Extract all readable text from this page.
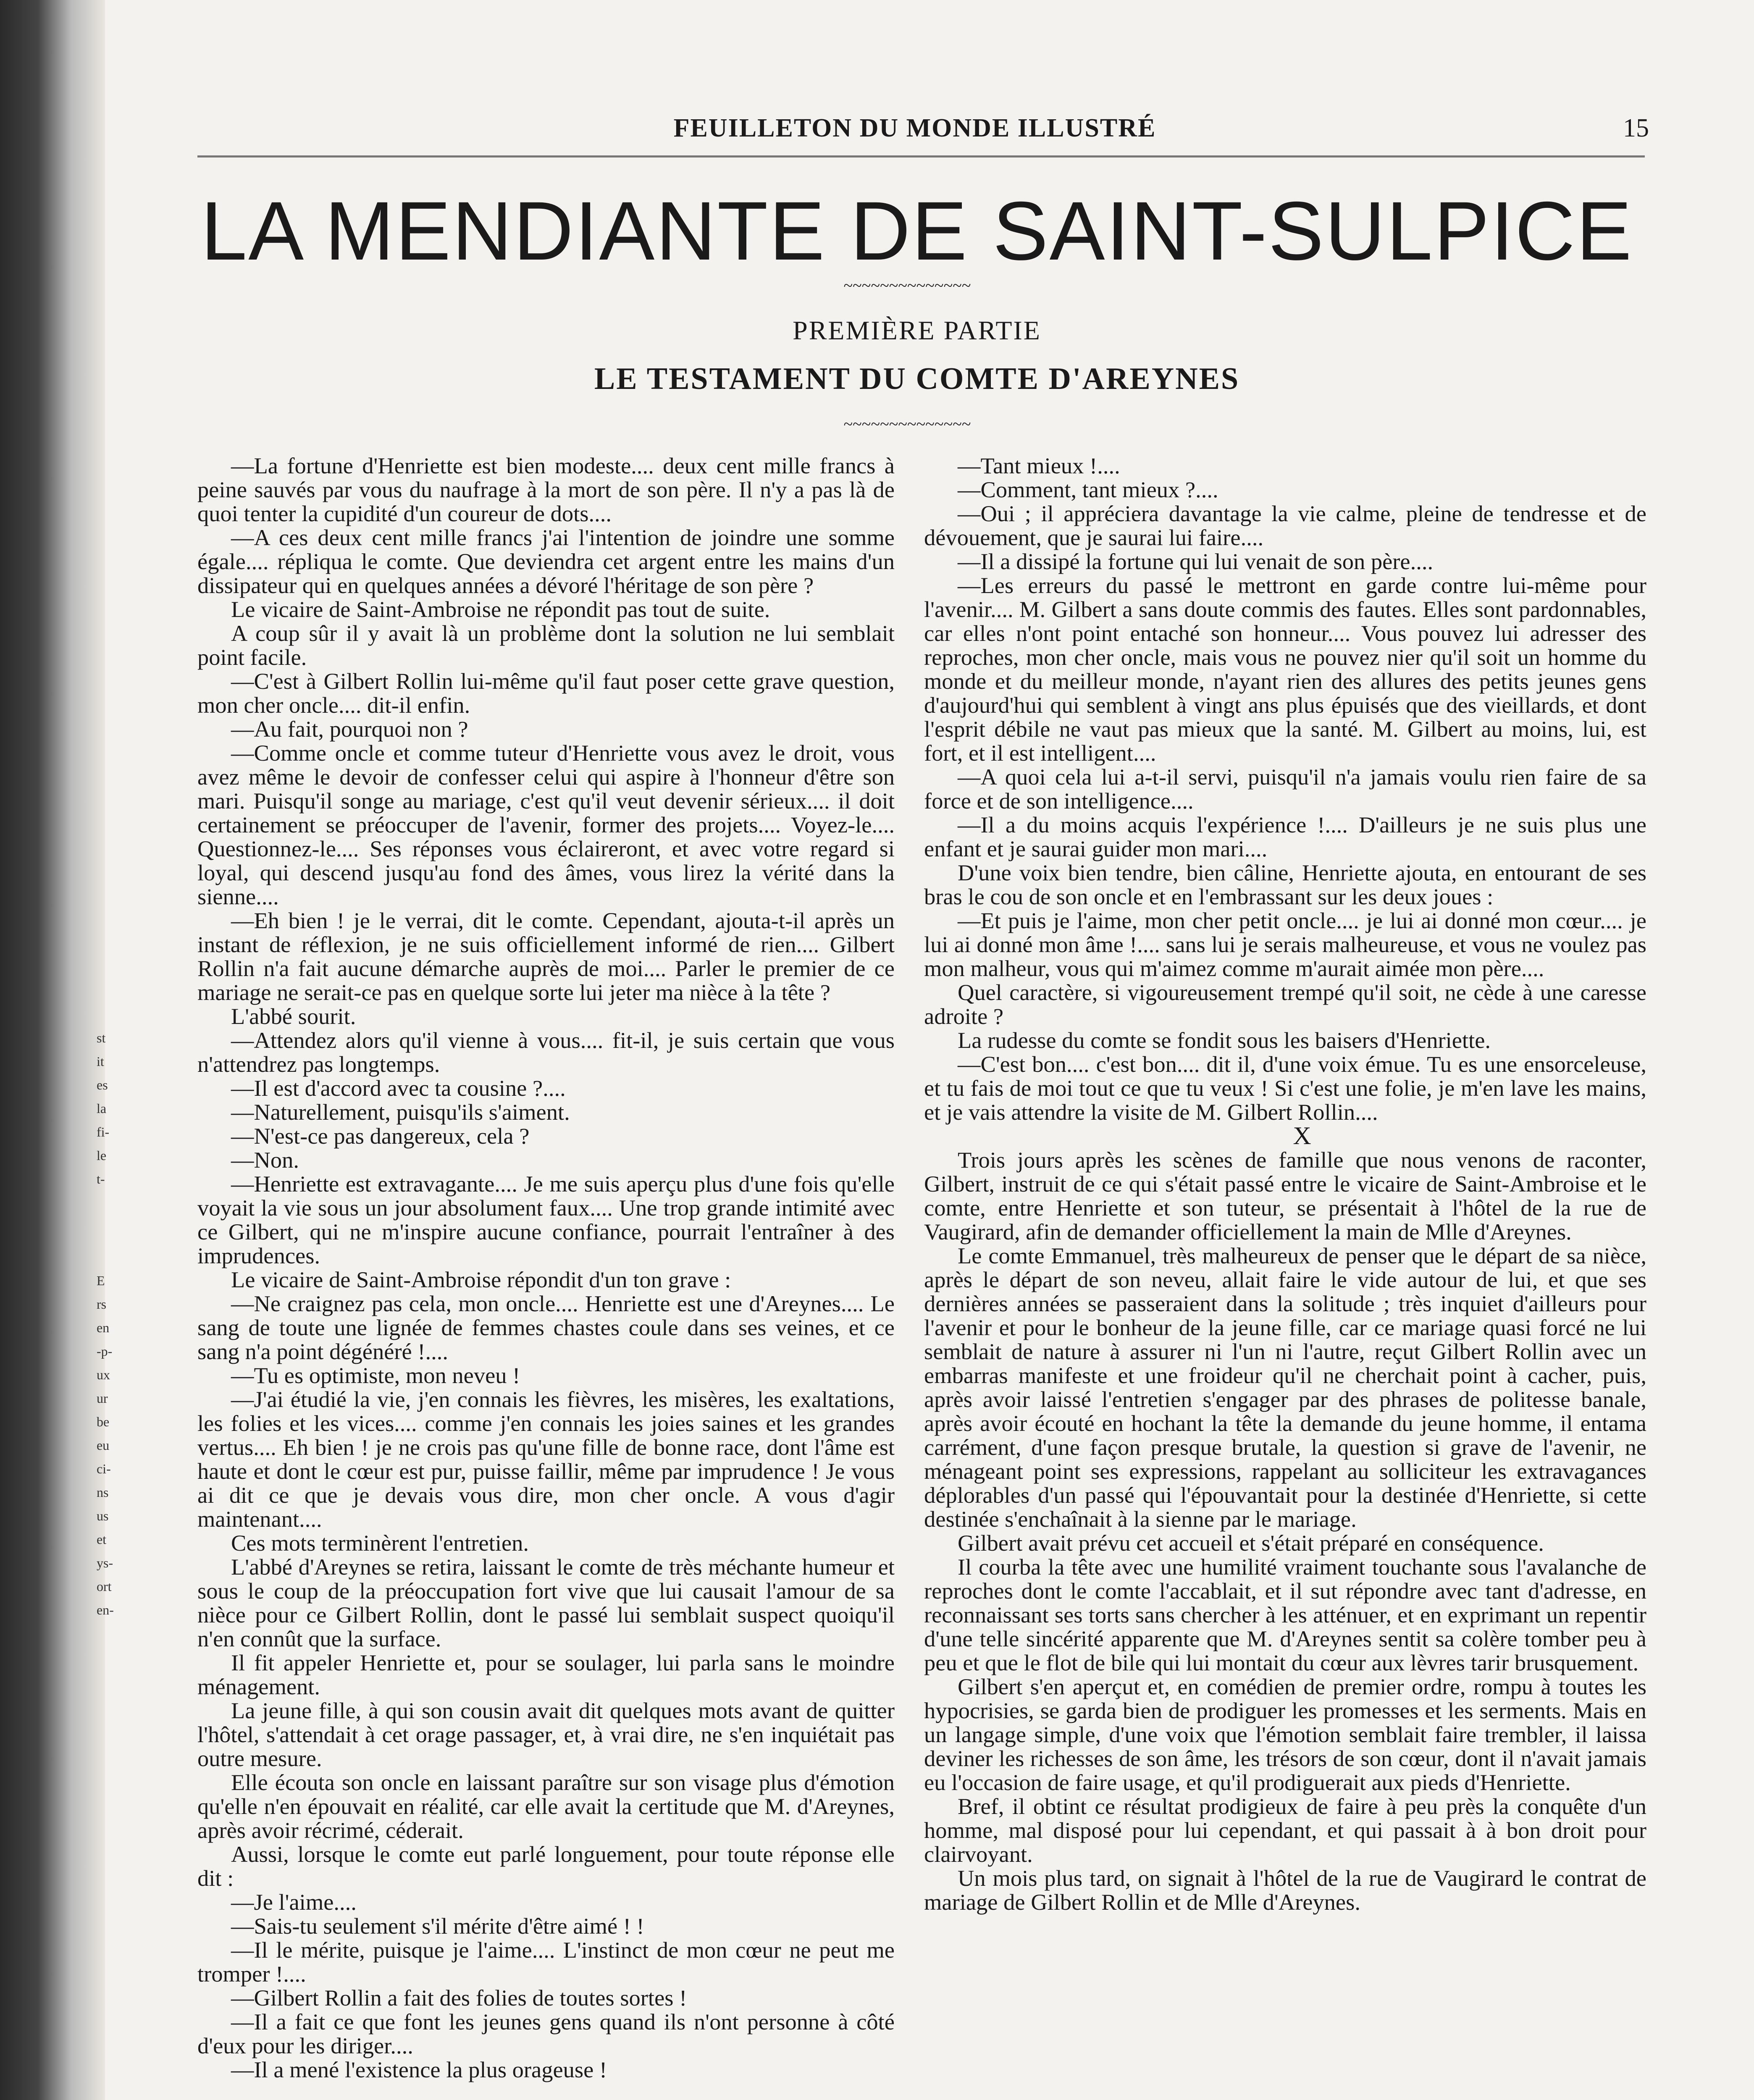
st
it
es
la
fi-
le
t-
E
rs
en
-p-
ux
ur
be
eu
ci-
ns
us
et
ys-
ort
en-
FEUILLETON DU MONDE ILLUSTRÉ	15
LA MENDIANTE DE SAINT-SULPICE
~~~~~~~~~~~~~~
PREMIÈRE PARTIE
LE TESTAMENT DU COMTE D'AREYNES
~~~~~~~~~~~~~~

—La fortune d'Henriette est bien modeste.... deux cent mille francs à peine sauvés par vous du naufrage à la mort de son père. Il n'y a pas là de quoi tenter la cupidité d'un coureur de dots....

—A ces deux cent mille francs j'ai l'intention de joindre une somme égale.... répliqua le comte. Que deviendra cet argent entre les mains d'un dissipateur qui en quelques années a dévoré l'héritage de son père ?

Le vicaire de Saint-Ambroise ne répondit pas tout de suite.

A coup sûr il y avait là un problème dont la solution ne lui semblait point facile.

—C'est à Gilbert Rollin lui-même qu'il faut poser cette grave question, mon cher oncle.... dit-il enfin.

—Au fait, pourquoi non ?

—Comme oncle et comme tuteur d'Henriette vous avez le droit, vous avez même le devoir de confesser celui qui aspire à l'honneur d'être son mari. Puisqu'il songe au mariage, c'est qu'il veut devenir sérieux.... il doit certainement se préoccuper de l'avenir, former des projets.... Voyez-le.... Questionnez-le.... Ses réponses vous éclaireront, et avec votre regard si loyal, qui descend jusqu'au fond des âmes, vous lirez la vérité dans la sienne....

—Eh bien ! je le verrai, dit le comte. Cependant, ajouta-t-il après un instant de réflexion, je ne suis officiellement informé de rien.... Gilbert Rollin n'a fait aucune démarche auprès de moi.... Parler le premier de ce mariage ne serait-ce pas en quelque sorte lui jeter ma nièce à la tête ?

L'abbé sourit.

—Attendez alors qu'il vienne à vous.... fit-il, je suis certain que vous n'attendrez pas longtemps.

—Il est d'accord avec ta cousine ?....

—Naturellement, puisqu'ils s'aiment.

—N'est-ce pas dangereux, cela ?

—Non.

—Henriette est extravagante.... Je me suis aperçu plus d'une fois qu'elle voyait la vie sous un jour absolument faux.... Une trop grande intimité avec ce Gilbert, qui ne m'inspire aucune confiance, pourrait l'entraîner à des imprudences.

Le vicaire de Saint-Ambroise répondit d'un ton grave :

—Ne craignez pas cela, mon oncle.... Henriette est une d'Areynes.... Le sang de toute une lignée de femmes chastes coule dans ses veines, et ce sang n'a point dégénéré !....

—Tu es optimiste, mon neveu !

—J'ai étudié la vie, j'en connais les fièvres, les misères, les exaltations, les folies et les vices.... comme j'en connais les joies saines et les grandes vertus.... Eh bien ! je ne crois pas qu'une fille de bonne race, dont l'âme est haute et dont le cœur est pur, puisse faillir, même par imprudence ! Je vous ai dit ce que je devais vous dire, mon cher oncle. A vous d'agir maintenant....

Ces mots terminèrent l'entretien.

L'abbé d'Areynes se retira, laissant le comte de très méchante humeur et sous le coup de la préoccupation fort vive que lui causait l'amour de sa nièce pour ce Gilbert Rollin, dont le passé lui semblait suspect quoiqu'il n'en connût que la surface.

Il fit appeler Henriette et, pour se soulager, lui parla sans le moindre ménagement.

La jeune fille, à qui son cousin avait dit quelques mots avant de quitter l'hôtel, s'attendait à cet orage passager, et, à vrai dire, ne s'en inquiétait pas outre mesure.

Elle écouta son oncle en laissant paraître sur son visage plus d'émotion qu'elle n'en épouvait en réalité, car elle avait la certitude que M. d'Areynes, après avoir récrimé, céderait.

Aussi, lorsque le comte eut parlé longuement, pour toute réponse elle dit :

—Je l'aime....

—Sais-tu seulement s'il mérite d'être aimé ! !

—Il le mérite, puisque je l'aime.... L'instinct de mon cœur ne peut me tromper !....

—Gilbert Rollin a fait des folies de toutes sortes !

—Il a fait ce que font les jeunes gens quand ils n'ont personne à côté d'eux pour les diriger....

—Il a mené l'existence la plus orageuse !

—Tant mieux !....

—Comment, tant mieux ?....

—Oui ; il appréciera davantage la vie calme, pleine de tendresse et de dévouement, que je saurai lui faire....

—Il a dissipé la fortune qui lui venait de son père....

—Les erreurs du passé le mettront en garde contre lui-même pour l'avenir.... M. Gilbert a sans doute commis des fautes. Elles sont pardonnables, car elles n'ont point entaché son honneur.... Vous pouvez lui adresser des reproches, mon cher oncle, mais vous ne pouvez nier qu'il soit un homme du monde et du meilleur monde, n'ayant rien des allures des petits jeunes gens d'aujourd'hui qui semblent à vingt ans plus épuisés que des vieillards, et dont l'esprit débile ne vaut pas mieux que la santé. M. Gilbert au moins, lui, est fort, et il est intelligent....

—A quoi cela lui a-t-il servi, puisqu'il n'a jamais voulu rien faire de sa force et de son intelligence....

—Il a du moins acquis l'expérience !.... D'ailleurs je ne suis plus une enfant et je saurai guider mon mari....

D'une voix bien tendre, bien câline, Henriette ajouta, en entourant de ses bras le cou de son oncle et en l'embrassant sur les deux joues :

—Et puis je l'aime, mon cher petit oncle.... je lui ai donné mon cœur.... je lui ai donné mon âme !.... sans lui je serais malheureuse, et vous ne voulez pas mon malheur, vous qui m'aimez comme m'aurait aimée mon père....

Quel caractère, si vigoureusement trempé qu'il soit, ne cède à une caresse adroite ?

La rudesse du comte se fondit sous les baisers d'Henriette.

—C'est bon.... c'est bon.... dit il, d'une voix émue. Tu es une ensorceleuse, et tu fais de moi tout ce que tu veux ! Si c'est une folie, je m'en lave les mains, et je vais attendre la visite de M. Gilbert Rollin....

X

Trois jours après les scènes de famille que nous venons de raconter, Gilbert, instruit de ce qui s'était passé entre le vicaire de Saint-Ambroise et le comte, entre Henriette et son tuteur, se présentait à l'hôtel de la rue de Vaugirard, afin de demander officiellement la main de Mlle d'Areynes.

Le comte Emmanuel, très malheureux de penser que le départ de sa nièce, après le départ de son neveu, allait faire le vide autour de lui, et que ses dernières années se passeraient dans la solitude ; très inquiet d'ailleurs pour l'avenir et pour le bonheur de la jeune fille, car ce mariage quasi forcé ne lui semblait de nature à assurer ni l'un ni l'autre, reçut Gilbert Rollin avec un embarras manifeste et une froideur qu'il ne cherchait point à cacher, puis, après avoir laissé l'entretien s'engager par des phrases de politesse banale, après avoir écouté en hochant la tête la demande du jeune homme, il entama carrément, d'une façon presque brutale, la question si grave de l'avenir, ne ménageant point ses expressions, rappelant au solliciteur les extravagances déplorables d'un passé qui l'épouvantait pour la destinée d'Henriette, si cette destinée s'enchaînait à la sienne par le mariage.

Gilbert avait prévu cet accueil et s'était préparé en conséquence.

Il courba la tête avec une humilité vraiment touchante sous l'avalanche de reproches dont le comte l'accablait, et il sut répondre avec tant d'adresse, en reconnaissant ses torts sans chercher à les atténuer, et en exprimant un repentir d'une telle sincérité apparente que M. d'Areynes sentit sa colère tomber peu à peu et que le flot de bile qui lui montait du cœur aux lèvres tarir brusquement.

Gilbert s'en aperçut et, en comédien de premier ordre, rompu à toutes les hypocrisies, se garda bien de prodiguer les promesses et les serments. Mais en un langage simple, d'une voix que l'émotion semblait faire trembler, il laissa deviner les richesses de son âme, les trésors de son cœur, dont il n'avait jamais eu l'occasion de faire usage, et qu'il prodiguerait aux pieds d'Henriette.

Bref, il obtint ce résultat prodigieux de faire à peu près la conquête d'un homme, mal disposé pour lui cependant, et qui passait à à bon droit pour clairvoyant.

Un mois plus tard, on signait à l'hôtel de la rue de Vaugirard le contrat de mariage de Gilbert Rollin et de Mlle d'Areynes.
